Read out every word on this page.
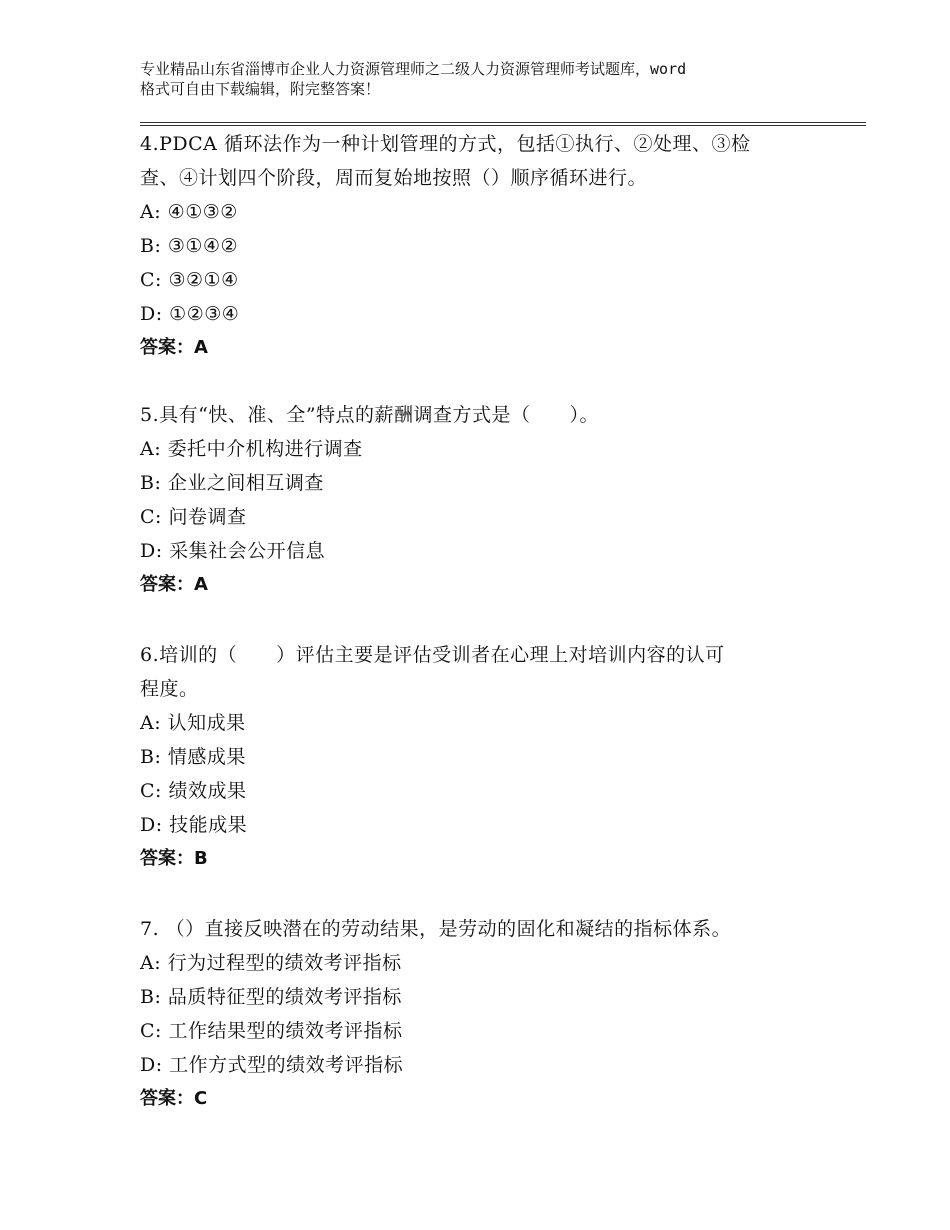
专业精品山东省淄博市企业人力资源管理师之二级人力资源管理师考试题库，word
格式可自由下载编辑，附完整答案！
4.PDCA 循环法作为一种计划管理的方式，包括①执行、②处理、③检
查、④计划四个阶段，周而复始地按照（）顺序循环进行。
A: ④①③②
B: ③①④②
C: ③②①④
D: ①②③④
答案：A
5.具有“快、准、全”特点的薪酬调查方式是（　　）。
A: 委托中介机构进行调查
B: 企业之间相互调查
C: 问卷调查
D: 采集社会公开信息
答案：A
6.培训的（　　）评估主要是评估受训者在心理上对培训内容的认可
程度。
A: 认知成果
B: 情感成果
C: 绩效成果
D: 技能成果
答案：B
7. （）直接反映潜在的劳动结果，是劳动的固化和凝结的指标体系。
A: 行为过程型的绩效考评指标
B: 品质特征型的绩效考评指标
C: 工作结果型的绩效考评指标
D: 工作方式型的绩效考评指标
答案：C
